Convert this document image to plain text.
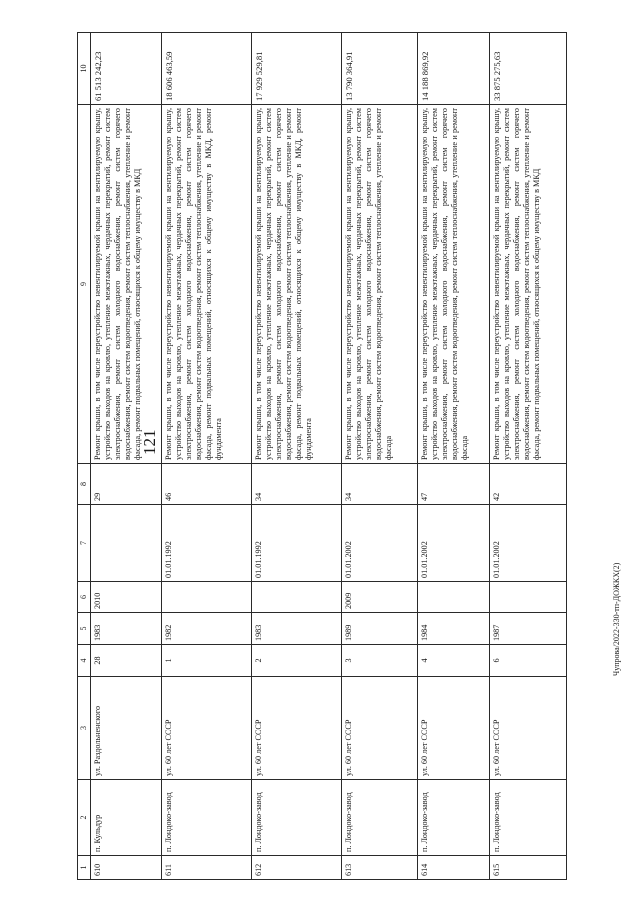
121
Чупрова/2022-330-тп-ДОЖКХ(2)
1	2	3	4	5	6	7	8	9	10
610	п. Кульдур	ул. Раздольненского	28	1983	2010		29	Ремонт крыши, в том числе переустройство невентилируемой крыши на вентилируемую крышу, устройство выходов на кровлю, утепление межэтажных, чердачных перекрытий, ремонт систем электроснабжения, ремонт систем холодного водоснабжения, ремонт систем горячего водоснабжения, ремонт систем водоотведения, ремонт систем теплоснабжения, утепление и ремонт фасада, ремонт подвальных помещений, относящихся к общему имуществу в МКД	61 513 242,23
611	п. Лондоко-завод	ул. 60 лет СССР	1	1982		01.01.1992	46	Ремонт крыши, в том числе переустройство невентилируемой крыши на вентилируемую крышу, устройство выходов на кровлю, утепление межэтажных, чердачных перекрытий, ремонт систем электроснабжения, ремонт систем холодного водоснабжения, ремонт систем горячего водоснабжения, ремонт систем водоотведения, ремонт систем теплоснабжения, утепление и ремонт фасада, ремонт подвальных помещений, относящихся к общему имуществу в МКД, ремонт фундамента	18 606 463,59
612	п. Лондоко-завод	ул. 60 лет СССР	2	1983		01.01.1992	34	Ремонт крыши, в том числе переустройство невентилируемой крыши на вентилируемую крышу, устройство выходов на кровлю, утепление межэтажных, чердачных перекрытий, ремонт систем электроснабжения, ремонт систем холодного водоснабжения, ремонт систем горячего водоснабжения, ремонт систем водоотведения, ремонт систем теплоснабжения, утепление и ремонт фасада, ремонт подвальных помещений, относящихся к общему имуществу в МКД, ремонт фундамента	17 929 529,81
613	п. Лондоко-завод	ул. 60 лет СССР	3	1989	2009	01.01.2002	34	Ремонт крыши, в том числе переустройство невентилируемой крыши на вентилируемую крышу, устройство выходов на кровлю, утепление межэтажных, чердачных перекрытий, ремонт систем электроснабжения, ремонт систем холодного водоснабжения, ремонт систем горячего водоснабжения, ремонт систем водоотведения, ремонт систем теплоснабжения, утепление и ремонт фасада	13 790 364,91
614	п. Лондоко-завод	ул. 60 лет СССР	4	1984		01.01.2002	47	Ремонт крыши, в том числе переустройство невентилируемой крыши на вентилируемую крышу, устройство выходов на кровлю, утепление межэтажных, чердачных перекрытий, ремонт систем электроснабжения, ремонт систем холодного водоснабжения, ремонт систем горячего водоснабжения, ремонт систем водоотведения, ремонт систем теплоснабжения, утепление и ремонт фасада	14 188 869,92
615	п. Лондоко-завод	ул. 60 лет СССР	6	1987		01.01.2002	42	Ремонт крыши, в том числе переустройство невентилируемой крыши на вентилируемую крышу, устройство выходов на кровлю, утепление межэтажных, чердачных перекрытий, ремонт систем электроснабжения, ремонт систем холодного водоснабжения, ремонт систем горячего водоснабжения, ремонт систем водоотведения, ремонт систем теплоснабжения, утепление и ремонт фасада, ремонт подвальных помещений, относящихся к общему имуществу в МКД	33 875 275,63
